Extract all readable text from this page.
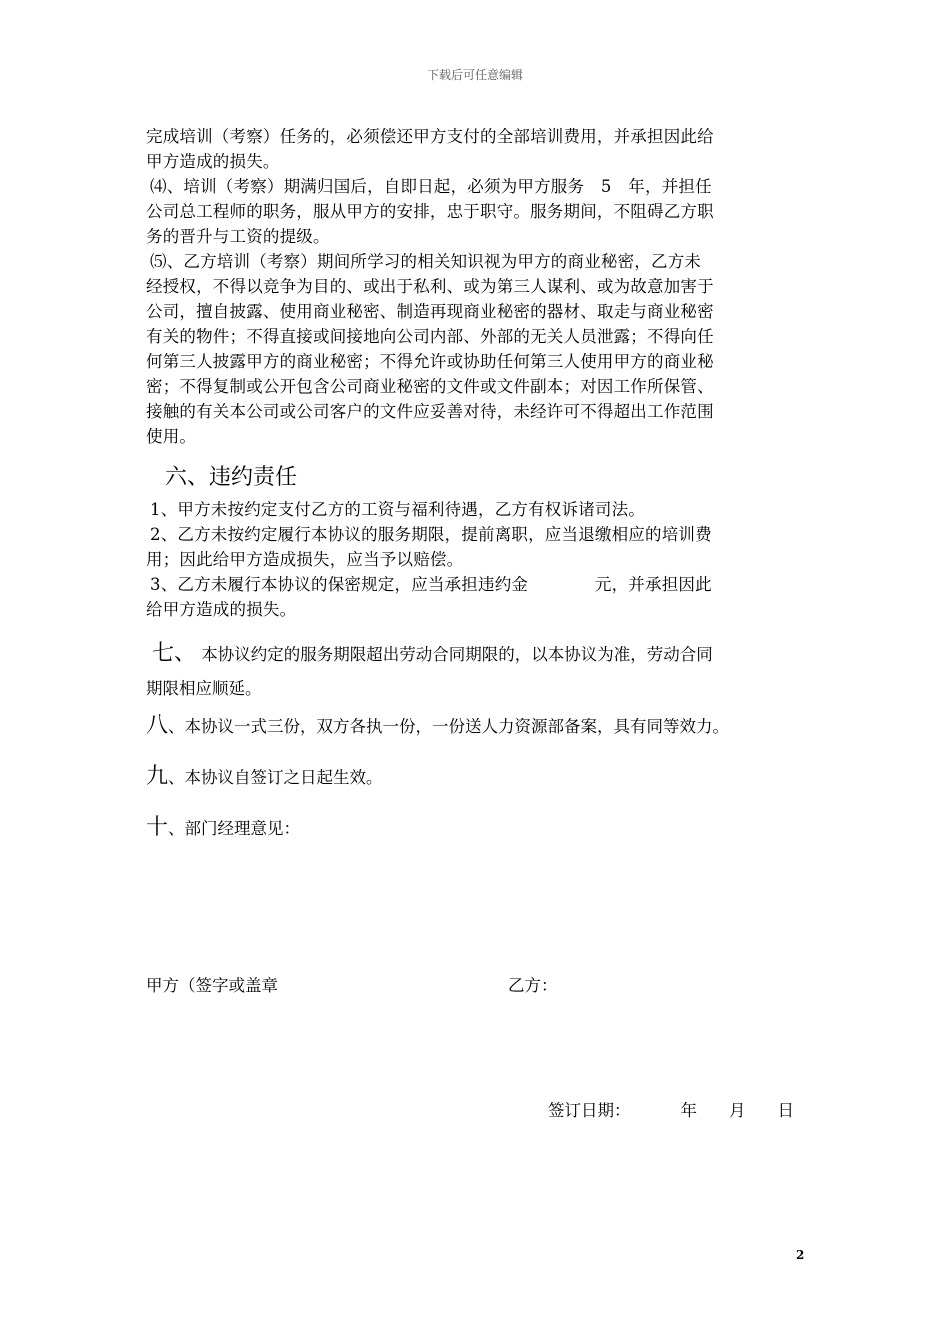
下载后可任意编辑
完成培训（考察）任务的，必须偿还甲方支付的全部培训费用，并承担因此给
甲方造成的损失。
⑷、培训（考察）期满归国后，自即日起，必须为甲方服务　5　年，并担任
公司总工程师的职务，服从甲方的安排，忠于职守。服务期间，不阻碍乙方职
务的晋升与工资的提级。
⑸、乙方培训（考察）期间所学习的相关知识视为甲方的商业秘密，乙方未
经授权，不得以竞争为目的、或出于私利、或为第三人谋利、或为故意加害于
公司，擅自披露、使用商业秘密、制造再现商业秘密的器材、取走与商业秘密
有关的物件；不得直接或间接地向公司内部、外部的无关人员泄露；不得向任
何第三人披露甲方的商业秘密；不得允许或协助任何第三人使用甲方的商业秘
密；不得复制或公开包含公司商业秘密的文件或文件副本；对因工作所保管、
接触的有关本公司或公司客户的文件应妥善对待，未经许可不得超出工作范围
使用。
六、违约责任
1、甲方未按约定支付乙方的工资与福利待遇，乙方有权诉诸司法。
2、乙方未按约定履行本协议的服务期限，提前离职，应当退缴相应的培训费
用；因此给甲方造成损失，应当予以赔偿。
3、乙方未履行本协议的保密规定，应当承担违约金　　　　元，并承担因此
给甲方造成的损失。
七、 本协议约定的服务期限超出劳动合同期限的，以本协议为准，劳动合同
期限相应顺延。
八、本协议一式三份，双方各执一份，一份送人力资源部备案，具有同等效力。
九、本协议自签订之日起生效。
十、部门经理意见：
甲方（签字或盖章	乙方：
签订日期：	年 月 日
2
